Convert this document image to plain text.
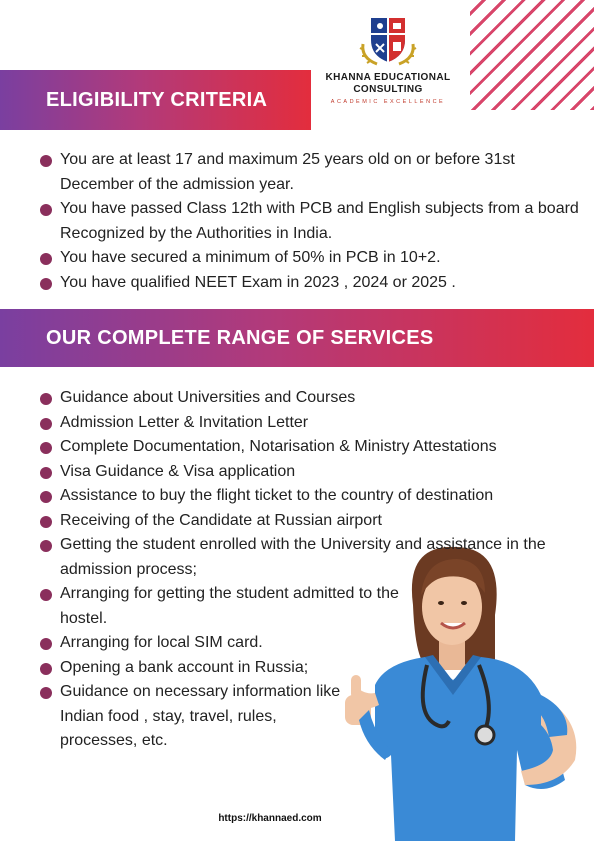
KHANNA EDUCATIONAL CONSULTING
ACADEMIC EXCELLENCE
ELIGIBILITY CRITERIA
You are at least 17 and maximum 25 years old on or before 31st December of the admission year.
You have passed Class 12th with PCB and English subjects from a board Recognized by the Authorities in India.
You have secured a minimum of 50% in PCB in 10+2.
You have qualified NEET Exam in 2023 , 2024 or 2025 .
OUR COMPLETE RANGE OF SERVICES
Guidance about Universities and Courses
Admission Letter & Invitation Letter
Complete Documentation, Notarisation & Ministry Attestations
Visa Guidance & Visa application
Assistance to buy the flight ticket to the country of destination
Receiving of the Candidate at Russian airport
Getting the student enrolled with the University and assistance in the admission process;
Arranging for getting the student admitted to the hostel.
Arranging for local SIM card.
Opening a bank account in Russia;
Guidance on necessary information like Indian food , stay, travel, rules, processes, etc.
https://khannaed.com
